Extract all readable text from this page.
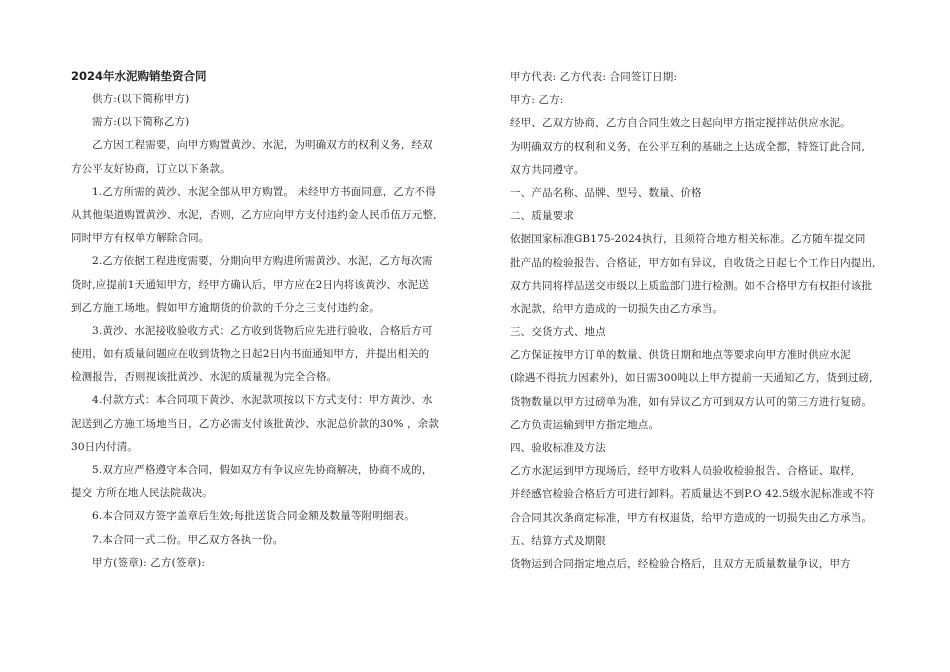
2024年水泥购销垫资合同
供方:(以下简称甲方)
需方:(以下简称乙方)
乙方因工程需要，向甲方购置黄沙、水泥，为明确双方的权利义务，经双
方公平友好协商，订立以下条款。
1.乙方所需的黄沙、水泥全部从甲方购置。 未经甲方书面同意，乙方不得
从其他渠道购置黄沙、水泥，否则，乙方应向甲方支付违约金人民币伍万元整,
同时甲方有权单方解除合同。
2.乙方依据工程进度需要，分期向甲方购进所需黄沙、水泥，乙方每次需
货时,应提前1天通知甲方，经甲方确认后，甲方应在2日内将该黄沙、水泥送
到乙方施工场地。假如甲方逾期货的价款的千分之三支付违约金。
3.黄沙、水泥接收验收方式：乙方收到货物后应先进行验收，合格后方可
使用，如有质量问题应在收到货物之日起2日内书面通知甲方，并提出相关的
检测报告，否则视该批黄沙、水泥的质量视为完全合格。
4.付款方式：本合同项下黄沙、水泥款项按以下方式支付：甲方黄沙、水
泥送到乙方施工场地当日，乙方必需支付该批黄沙、水泥总价款的30% ，余款
30日内付清。
5.双方应严格遵守本合同，假如双方有争议应先协商解决，协商不成的，
提交 方所在地人民法院裁决。
6.本合同双方签字盖章后生效;每批送货合同金额及数量等附明细表。
7.本合同一式二份。甲乙双方各执一份。
甲方(签章): 乙方(签章):
甲方代表: 乙方代表: 合同签订日期:
甲方: 乙方:
经甲、乙双方协商，乙方自合同生效之日起向甲方指定搅拌站供应水泥。
为明确双方的权利和义务，在公平互利的基础之上达成全都，特签订此合同,
双方共同遵守。
一、产品名称、品牌、型号、数量、价格
二、质量要求
依据国家标准GB175-2024执行，且须符合地方相关标准。乙方随车提交同
批产品的检验报告、合格证，甲方如有异议，自收货之日起七个工作日内提出,
双方共同将样品送交市级以上质监部门进行检测。如不合格甲方有权拒付该批
水泥款，给甲方造成的一切损失由乙方承当。
三、交货方式、地点
乙方保证按甲方订单的数量、供货日期和地点等要求向甲方准时供应水泥
(除遇不得抗力因素外)，如日需300吨以上甲方提前一天通知乙方，货到过磅,
货物数量以甲方过磅单为准，如有异议乙方可到双方认可的第三方进行复磅。
乙方负责运输到甲方指定地点。
四、验收标准及方法
乙方水泥运到甲方现场后，经甲方收料人员验收检验报告、合格证、取样,
并经感官检验合格后方可进行卸料。若质量达不到P.O 42.5级水泥标准或不符
合合同其次条商定标准，甲方有权退货，给甲方造成的一切损失由乙方承当。
五、结算方式及期限
货物运到合同指定地点后，经检验合格后，且双方无质量数量争议，甲方
